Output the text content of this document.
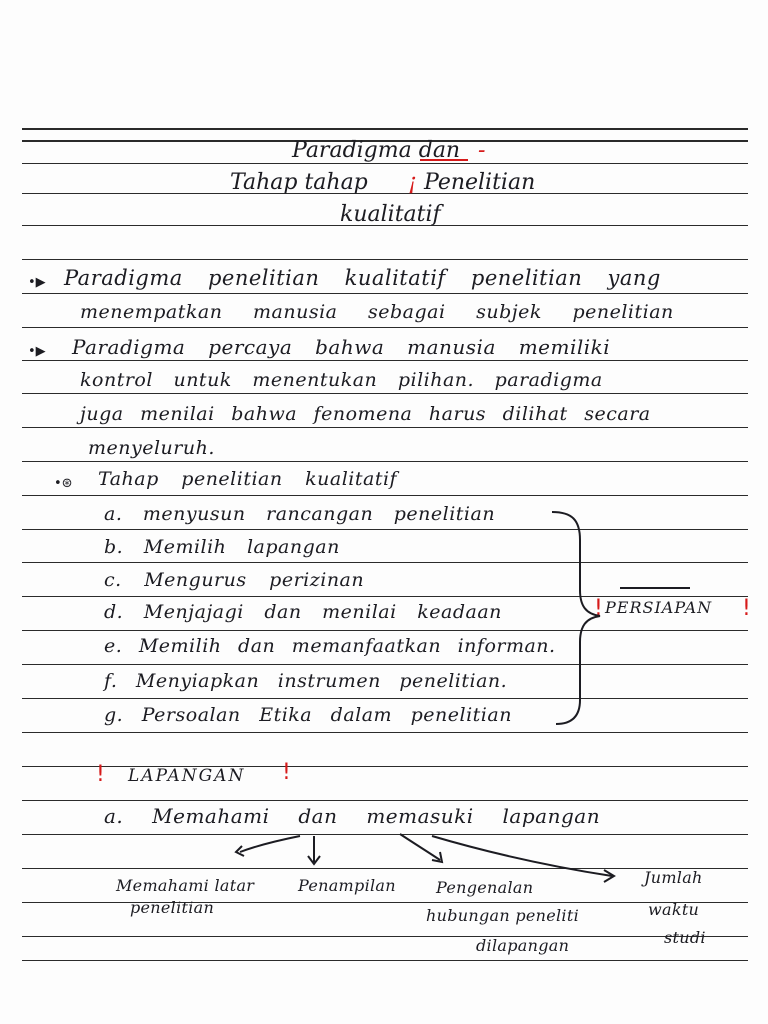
Paradigma dan -
Tahap tahap ¡ Penelitian
kualitatif
•▶ Paradigma penelitian kualitatif penelitian yang
menempatkan manusia sebagai subjek penelitian
•▶ Paradigma percaya bahwa manusia memiliki
kontrol untuk menentukan pilihan. paradigma
juga menilai bahwa fenomena harus dilihat secara
menyeluruh.
•⊛ Tahap penelitian kualitatif
a. menyusun rancangan penelitian
b. Memilih lapangan
c. Mengurus perizinan
d. Menjajagi dan menilai keadaan
e. Memilih dan memanfaatkan informan.
f. Menyiapkan instrumen penelitian.
g. Persoalan Etika dalam penelitian
! PERSIAPAN !
! LAPANGAN !
a. Memahami dan memasuki lapangan
Memahami latar
penelitian
Penampilan	Pengenalan
hubungan peneliti
dilapangan
Jumlah
waktu
studi
